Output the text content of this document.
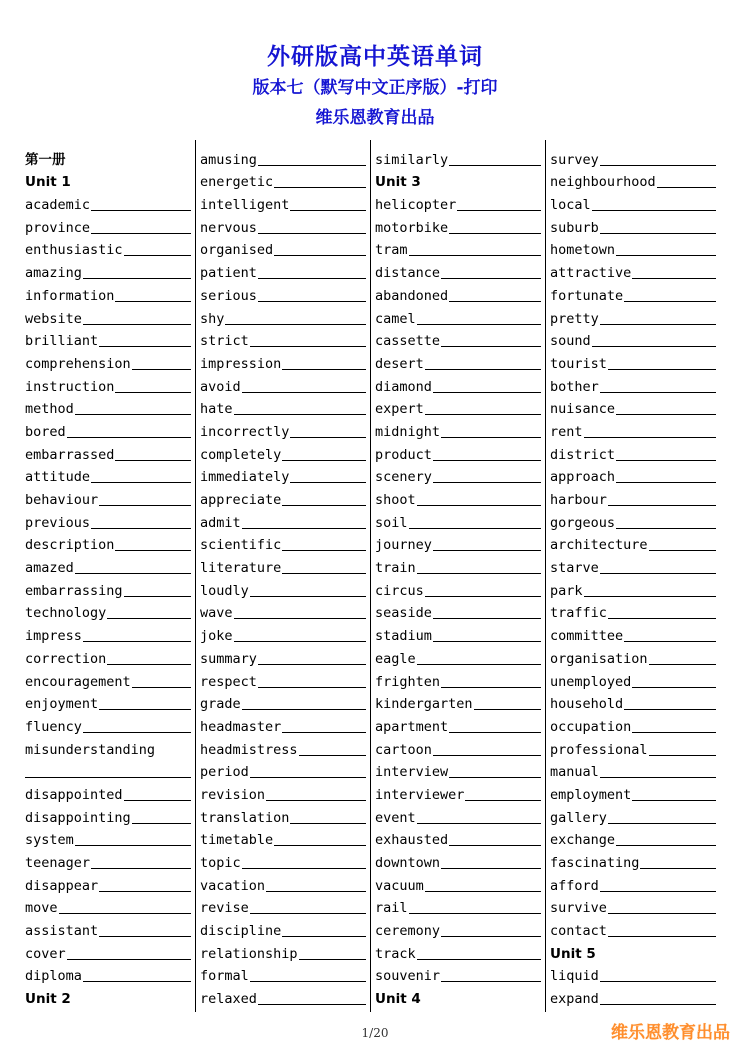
外研版高中英语单词
版本七（默写中文正序版）-打印
维乐恩教育出品
第一册
Unit 1
academic
province
enthusiastic
amazing
information
website
brilliant
comprehension
instruction
method
bored
embarrassed
attitude
behaviour
previous
description
amazed
embarrassing
technology
impress
correction
encouragement
enjoyment
fluency
misunderstanding
disappointed
disappointing
system
teenager
disappear
move
assistant
cover
diploma
Unit 2
amusing
energetic
intelligent
nervous
organised
patient
serious
shy
strict
impression
avoid
hate
incorrectly
completely
immediately
appreciate
admit
scientific
literature
loudly
wave
joke
summary
respect
grade
headmaster
headmistress
period
revision
translation
timetable
topic
vacation
revise
discipline
relationship
formal
relaxed
similarly
Unit 3
helicopter
motorbike
tram
distance
abandoned
camel
cassette
desert
diamond
expert
midnight
product
scenery
shoot
soil
journey
train
circus
seaside
stadium
eagle
frighten
kindergarten
apartment
cartoon
interview
interviewer
event
exhausted
downtown
vacuum
rail
ceremony
track
souvenir
Unit 4
survey
neighbourhood
local
suburb
hometown
attractive
fortunate
pretty
sound
tourist
bother
nuisance
rent
district
approach
harbour
gorgeous
architecture
starve
park
traffic
committee
organisation
unemployed
household
occupation
professional
manual
employment
gallery
exchange
fascinating
afford
survive
contact
Unit 5
liquid
expand
1/20	维乐恩教育出品
